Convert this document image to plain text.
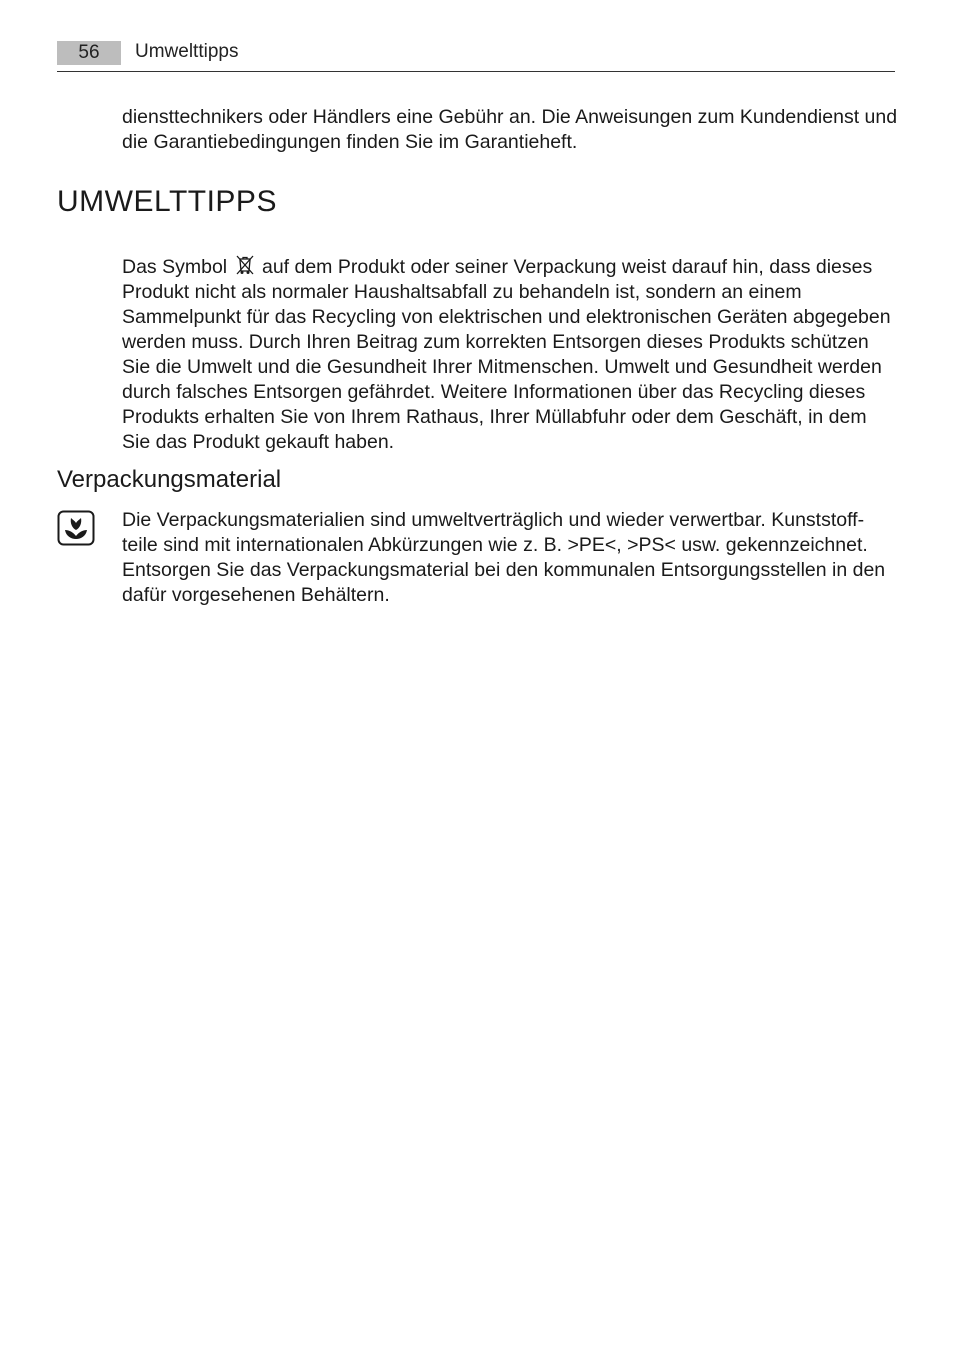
56	Umwelttipps

diensttechnikers oder Händlers eine Gebühr an. Die Anweisungen zum Kundendienst und die Garantiebedingungen finden Sie im Garantieheft.

UMWELTTIPPS

Das Symbol auf dem Produkt oder seiner Verpackung weist darauf hin, dass dieses Produkt nicht als normaler Haushaltsabfall zu behandeln ist, sondern an einem Sammelpunkt für das Recycling von elektrischen und elektronischen Geräten abgegeben werden muss. Durch Ihren Beitrag zum korrekten Entsorgen dieses Produkts schützen Sie die Umwelt und die Gesundheit Ihrer Mitmenschen. Umwelt und Gesundheit werden durch falsches Entsorgen gefährdet. Weitere Informationen über das Recycling dieses Produkts erhalten Sie von Ihrem Rathaus, Ihrer Müllabfuhr oder dem Geschäft, in dem Sie das Produkt gekauft haben.

Verpackungsmaterial

Die Verpackungsmaterialien sind umweltverträglich und wieder verwertbar. Kunststoff-teile sind mit internationalen Abkürzungen wie z. B. >PE<, >PS< usw. gekennzeichnet. Entsorgen Sie das Verpackungsmaterial bei den kommunalen Entsorgungsstellen in den dafür vorgesehenen Behältern.
